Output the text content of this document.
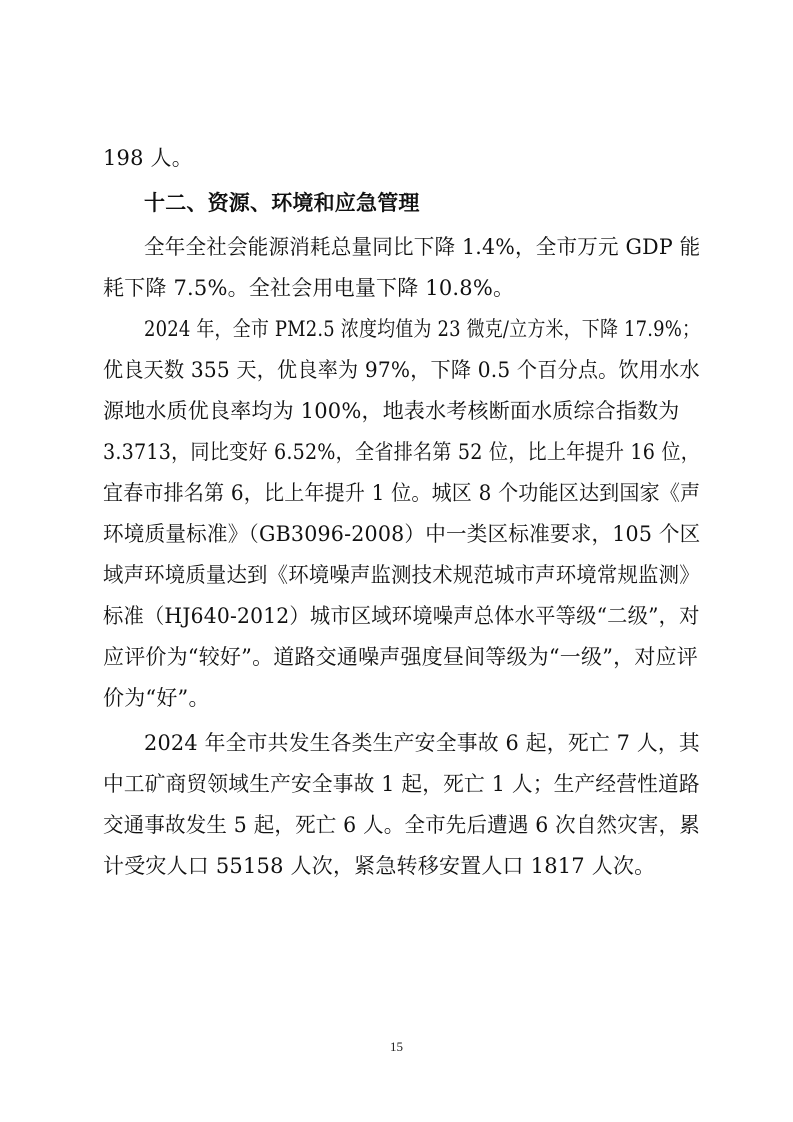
198 人。
十二、资源、环境和应急管理
全年全社会能源消耗总量同比下降 1.4%，全市万元 GDP 能
耗下降 7.5%。全社会用电量下降 10.8%。
2024 年，全市 PM2.5 浓度均值为 23 微克/立方米，下降 17.9%；
优良天数 355 天，优良率为 97%，下降 0.5 个百分点。饮用水水
源地水质优良率均为 100%，地表水考核断面水质综合指数为
3.3713，同比变好 6.52%，全省排名第 52 位，比上年提升 16 位，
宜春市排名第 6，比上年提升 1 位。城区 8 个功能区达到国家《声
环境质量标准》（GB3096-2008）中一类区标准要求，105 个区
域声环境质量达到《环境噪声监测技术规范城市声环境常规监测》
标准（HJ640-2012）城市区域环境噪声总体水平等级“二级”，对
应评价为“较好”。道路交通噪声强度昼间等级为“一级”，对应评
价为“好”。
2024 年全市共发生各类生产安全事故 6 起，死亡 7 人，其
中工矿商贸领域生产安全事故 1 起，死亡 1 人；生产经营性道路
交通事故发生 5 起，死亡 6 人。全市先后遭遇 6 次自然灾害，累
计受灾人口 55158 人次，紧急转移安置人口 1817 人次。
15
